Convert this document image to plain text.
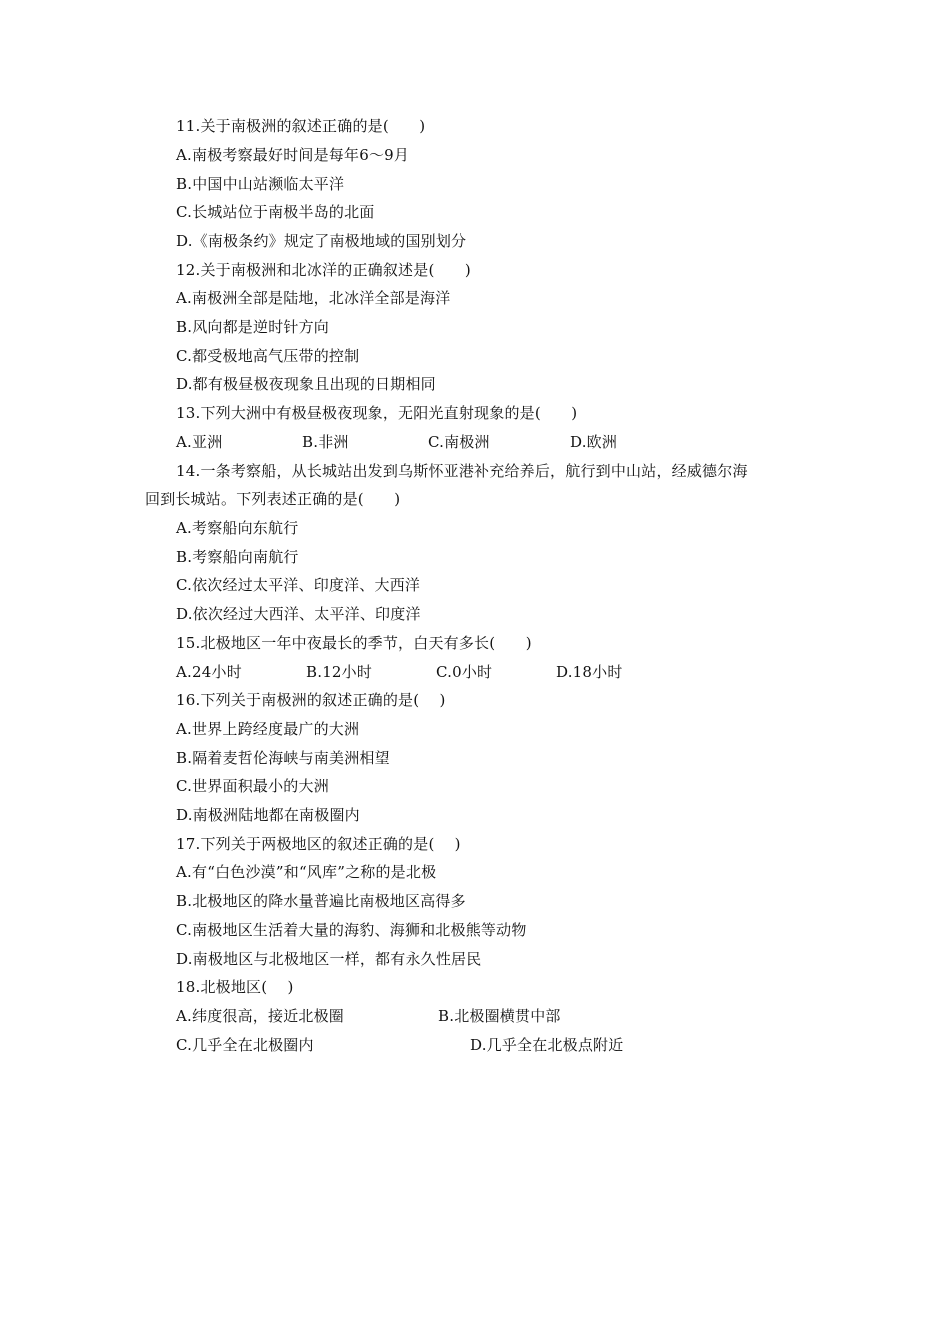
11.关于南极洲的叙述正确的是(　　)
A.南极考察最好时间是每年6～9月
B.中国中山站濒临太平洋
C.长城站位于南极半岛的北面
D.《南极条约》规定了南极地域的国别划分
12.关于南极洲和北冰洋的正确叙述是(　　)
A.南极洲全部是陆地，北冰洋全部是海洋
B.风向都是逆时针方向
C.都受极地高气压带的控制
D.都有极昼极夜现象且出现的日期相同
13.下列大洲中有极昼极夜现象，无阳光直射现象的是(　　)
A.亚洲	B.非洲	C.南极洲	D.欧洲
14.一条考察船，从长城站出发到乌斯怀亚港补充给养后，航行到中山站，经威德尔海
回到长城站。下列表述正确的是(　　)
A.考察船向东航行
B.考察船向南航行
C.依次经过太平洋、印度洋、大西洋
D.依次经过大西洋、太平洋、印度洋
15.北极地区一年中夜最长的季节，白天有多长(　　)
A.24小时	B.12小时	C.0小时	D.18小时
16.下列关于南极洲的叙述正确的是(　 )
A.世界上跨经度最广的大洲
B.隔着麦哲伦海峡与南美洲相望
C.世界面积最小的大洲
D.南极洲陆地都在南极圈内
17.下列关于两极地区的叙述正确的是(　 )
A.有“白色沙漠”和“风库”之称的是北极
B.北极地区的降水量普遍比南极地区高得多
C.南极地区生活着大量的海豹、海狮和北极熊等动物
D.南极地区与北极地区一样，都有永久性居民
18.北极地区(　 )
A.纬度很高，接近北极圈	B.北极圈横贯中部
C.几乎全在北极圈内	D.几乎全在北极点附近
